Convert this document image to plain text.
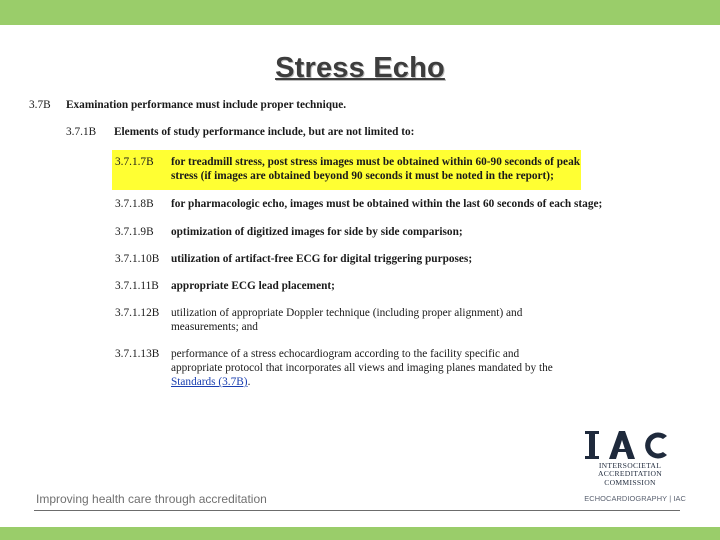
Stress Echo
3.7B Examination performance must include proper technique.
3.7.1B Elements of study performance include, but are not limited to:
3.7.1.7B for treadmill stress, post stress images must be obtained within 60-90 seconds of peak
stress (if images are obtained beyond 90 seconds it must be noted in the report);
3.7.1.8B for pharmacologic echo, images must be obtained within the last 60 seconds of each stage;
3.7.1.9B optimization of digitized images for side by side comparison;
3.7.1.10B utilization of artifact-free ECG for digital triggering purposes;
3.7.1.11B appropriate ECG lead placement;
3.7.1.12B utilization of appropriate Doppler technique (including proper alignment) and
measurements; and
3.7.1.13B performance of a stress echocardiogram according to the facility specific and
appropriate protocol that incorporates all views and imaging planes mandated by the
Standards (3.7B).
Improving health care through accreditation
INTERSOCIETAL
ACCREDITATION
COMMISSION
ECHOCARDIOGRAPHY | IAC
